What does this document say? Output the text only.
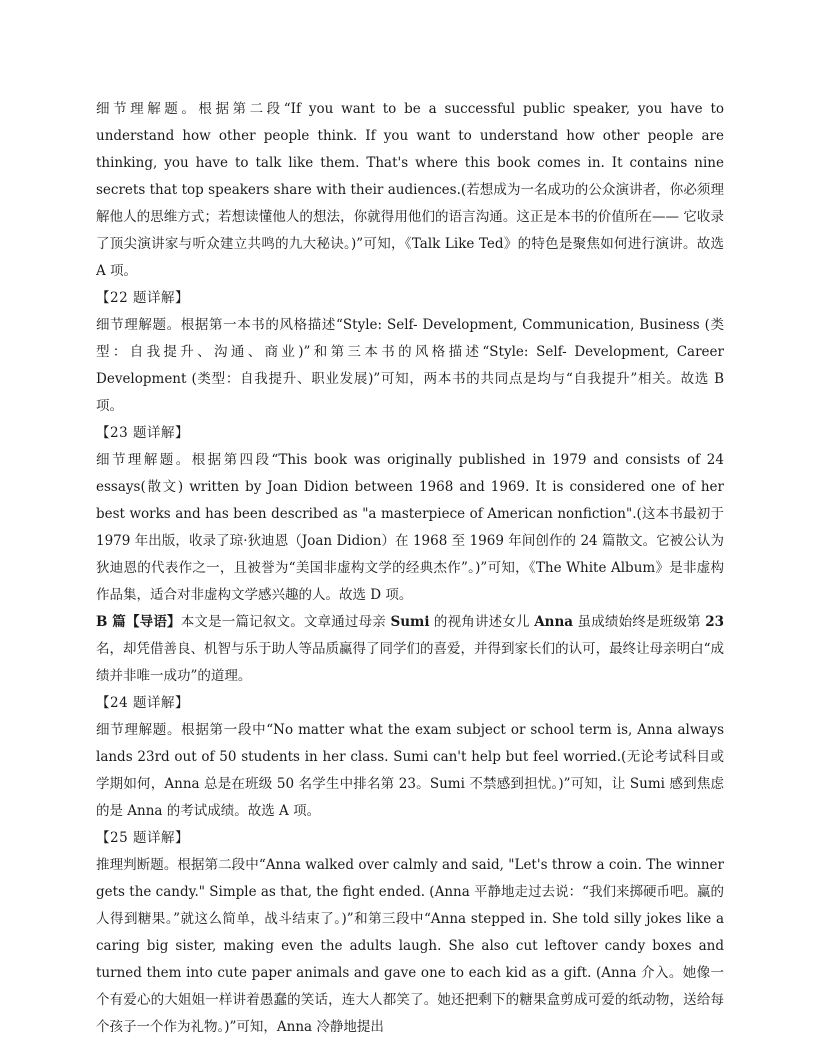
细节理解题。根据第二段“If you want to be a successful public speaker, you have to understand how other people think. If you want to understand how other people are thinking, you have to talk like them. That's where this book comes in. It contains nine secrets that top speakers share with their audiences.(若想成为一名成功的公众演讲者，你必须理解他人的思维方式；若想读懂他人的想法，你就得用他们的语言沟通。这正是本书的价值所在—— 它收录了顶尖演讲家与听众建立共鸣的九大秘诀。)”可知，《Talk Like Ted》的特色是聚焦如何进行演讲。故选 A 项。

【22 题详解】

细节理解题。根据第一本书的风格描述“Style: Self- Development, Communication, Business (类型：自我提升、沟通、商业)”和第三本书的风格描述“Style: Self- Development, Career Development (类型：自我提升、职业发展)”可知，两本书的共同点是均与“自我提升”相关。故选 B 项。

【23 题详解】

细节理解题。根据第四段“This book was originally published in 1979 and consists of 24 essays(散文) written by Joan Didion between 1968 and 1969. It is considered one of her best works and has been described as "a masterpiece of American nonfiction".(这本书最初于 1979 年出版，收录了琼·狄迪恩（Joan Didion）在 1968 至 1969 年间创作的 24 篇散文。它被公认为狄迪恩的代表作之一，且被誉为“美国非虚构文学的经典杰作”。)”可知，《The White Album》是非虚构作品集，适合对非虚构文学感兴趣的人。故选 D 项。

B 篇【导语】本文是一篇记叙文。文章通过母亲 Sumi 的视角讲述女儿 Anna 虽成绩始终是班级第 23 名，却凭借善良、机智与乐于助人等品质赢得了同学们的喜爱，并得到家长们的认可，最终让母亲明白“成绩并非唯一成功”的道理。

【24 题详解】

细节理解题。根据第一段中“No matter what the exam subject or school term is, Anna always lands 23rd out of 50 students in her class. Sumi can't help but feel worried.(无论考试科目或学期如何，Anna 总是在班级 50 名学生中排名第 23。Sumi 不禁感到担忧。)”可知，让 Sumi 感到焦虑的是 Anna 的考试成绩。故选 A 项。

【25 题详解】

推理判断题。根据第二段中“Anna walked over calmly and said, "Let's throw a coin. The winner gets the candy." Simple as that, the fight ended. (Anna 平静地走过去说：“我们来掷硬币吧。赢的人得到糖果。”就这么简单，战斗结束了。)”和第三段中“Anna stepped in. She told silly jokes like a caring big sister, making even the adults laugh. She also cut leftover candy boxes and turned them into cute paper animals and gave one to each kid as a gift. (Anna 介入。她像一个有爱心的大姐姐一样讲着愚蠢的笑话，连大人都笑了。她还把剩下的糖果盒剪成可爱的纸动物，送给每个孩子一个作为礼物。)”可知，Anna 冷静地提出
